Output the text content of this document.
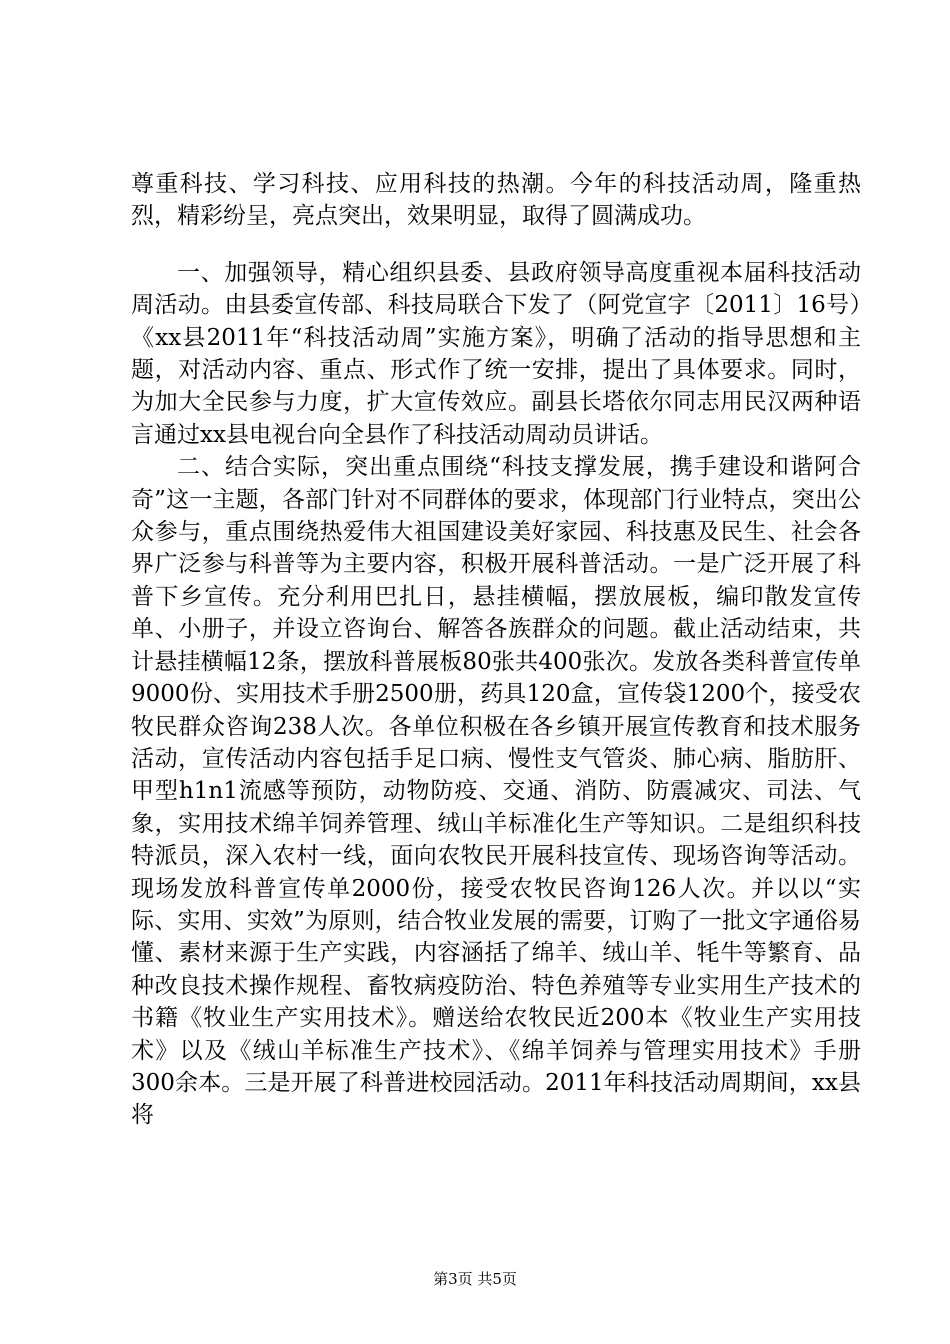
尊重科技、学习科技、应用科技的热潮。今年的科技活动周，隆重热烈，精彩纷呈，亮点突出，效果明显，取得了圆满成功。

一、加强领导，精心组织县委、县政府领导高度重视本届科技活动周活动。由县委宣传部、科技局联合下发了（阿党宣字〔2011〕16号）《xx县2011年“科技活动周”实施方案》，明确了活动的指导思想和主题，对活动内容、重点、形式作了统一安排，提出了具体要求。同时，为加大全民参与力度，扩大宣传效应。副县长塔依尔同志用民汉两种语言通过xx县电视台向全县作了科技活动周动员讲话。

二、结合实际，突出重点围绕“科技支撑发展，携手建设和谐阿合奇”这一主题，各部门针对不同群体的要求，体现部门行业特点，突出公众参与，重点围绕热爱伟大祖国建设美好家园、科技惠及民生、社会各界广泛参与科普等为主要内容，积极开展科普活动。一是广泛开展了科普下乡宣传。充分利用巴扎日，悬挂横幅，摆放展板，编印散发宣传单、小册子，并设立咨询台、解答各族群众的问题。截止活动结束，共计悬挂横幅12条，摆放科普展板80张共400张次。发放各类科普宣传单9000份、实用技术手册2500册，药具120盒，宣传袋1200个，接受农牧民群众咨询238人次。各单位积极在各乡镇开展宣传教育和技术服务活动，宣传活动内容包括手足口病、慢性支气管炎、肺心病、脂肪肝、甲型h1n1流感等预防，动物防疫、交通、消防、防震减灾、司法、气象，实用技术绵羊饲养管理、绒山羊标准化生产等知识。二是组织科技特派员，深入农村一线，面向农牧民开展科技宣传、现场咨询等活动。现场发放科普宣传单2000份，接受农牧民咨询126人次。并以以“实际、实用、实效”为原则，结合牧业发展的需要，订购了一批文字通俗易懂、素材来源于生产实践，内容涵括了绵羊、绒山羊、牦牛等繁育、品种改良技术操作规程、畜牧病疫防治、特色养殖等专业实用生产技术的书籍《牧业生产实用技术》。赠送给农牧民近200本《牧业生产实用技术》以及《绒山羊标准生产技术》、《绵羊饲养与管理实用技术》手册300余本。三是开展了科普进校园活动。2011年科技活动周期间，xx县将

第3页 共5页
